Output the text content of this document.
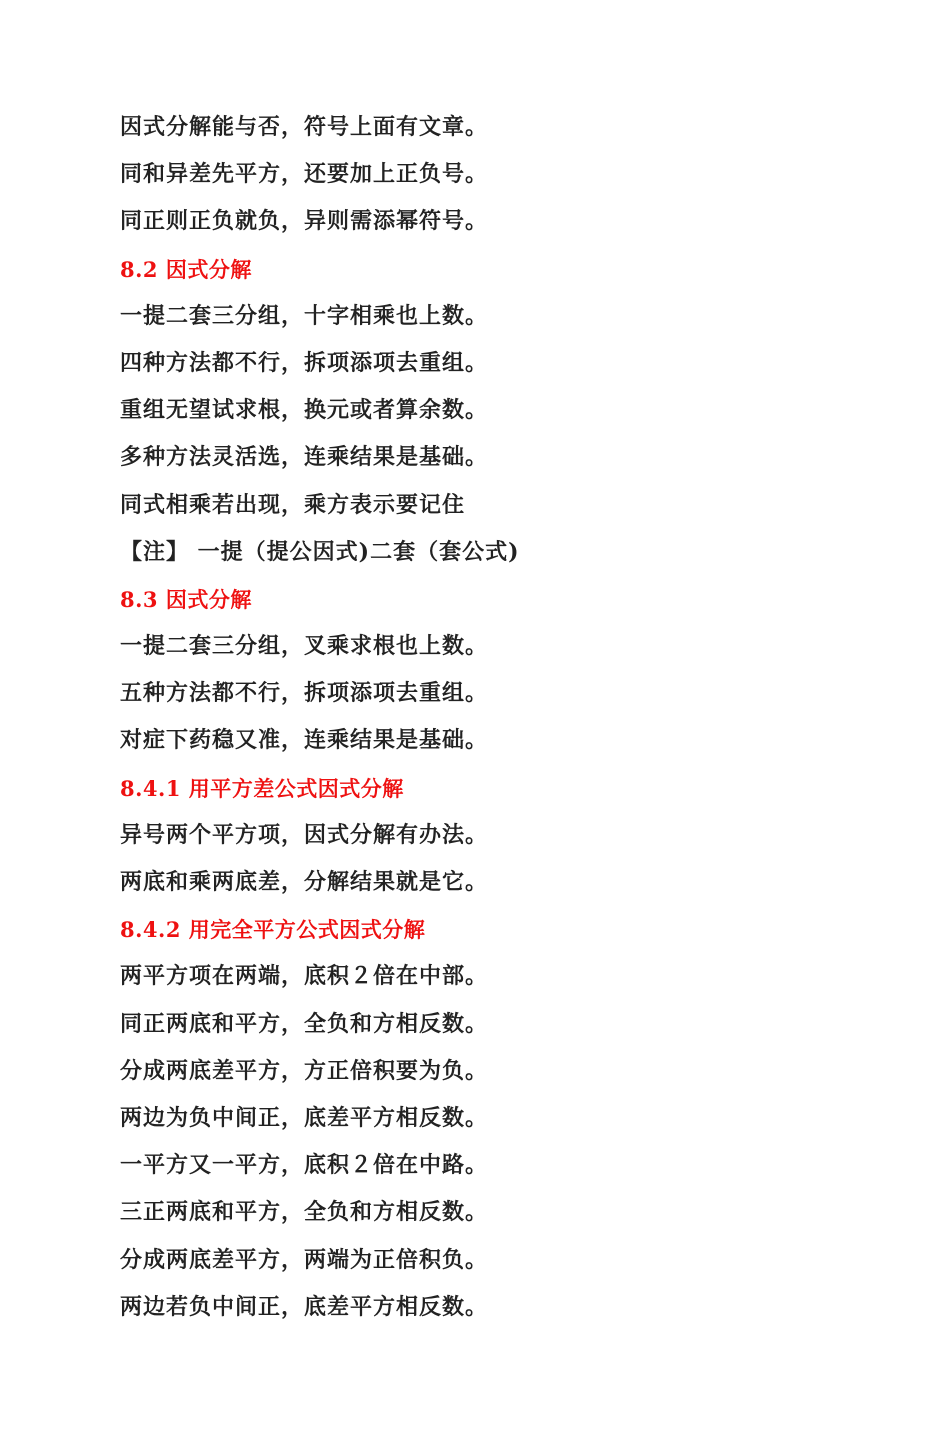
因式分解能与否，符号上面有文章。
同和异差先平方，还要加上正负号。
同正则正负就负，异则需添幂符号。
8.2 因式分解
一提二套三分组，十字相乘也上数。
四种方法都不行，拆项添项去重组。
重组无望试求根，换元或者算余数。
多种方法灵活选，连乘结果是基础。
同式相乘若出现，乘方表示要记住
【注】 一提（提公因式)二套（套公式)
8.3 因式分解
一提二套三分组，叉乘求根也上数。
五种方法都不行，拆项添项去重组。
对症下药稳又准，连乘结果是基础。
8.4.1 用平方差公式因式分解
异号两个平方项，因式分解有办法。
两底和乘两底差，分解结果就是它。
8.4.2 用完全平方公式因式分解
两平方项在两端，底积２倍在中部。
同正两底和平方，全负和方相反数。
分成两底差平方，方正倍积要为负。
两边为负中间正，底差平方相反数。
一平方又一平方，底积２倍在中路。
三正两底和平方，全负和方相反数。
分成两底差平方，两端为正倍积负。
两边若负中间正，底差平方相反数。
